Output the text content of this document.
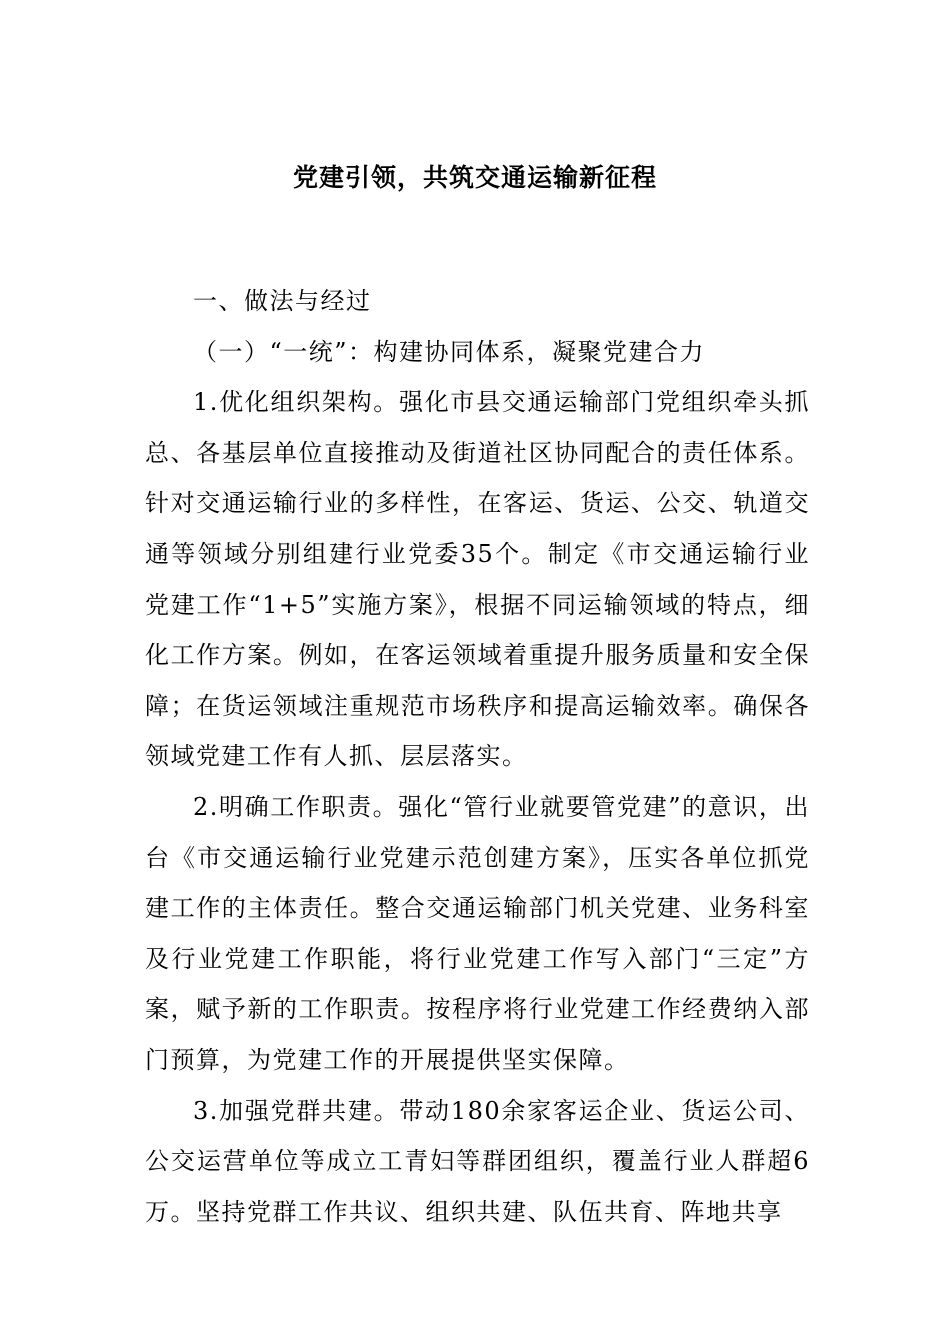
党建引领，共筑交通运输新征程

一、做法与经过

（一）“一统”：构建协同体系，凝聚党建合力

1.优化组织架构。强化市县交通运输部门党组织牵头抓总、各基层单位直接推动及街道社区协同配合的责任体系。针对交通运输行业的多样性，在客运、货运、公交、轨道交通等领域分别组建行业党委35个。制定《市交通运输行业党建工作“1+5”实施方案》，根据不同运输领域的特点，细化工作方案。例如，在客运领域着重提升服务质量和安全保障；在货运领域注重规范市场秩序和提高运输效率。确保各领域党建工作有人抓、层层落实。

2.明确工作职责。强化“管行业就要管党建”的意识，出台《市交通运输行业党建示范创建方案》，压实各单位抓党建工作的主体责任。整合交通运输部门机关党建、业务科室及行业党建工作职能，将行业党建工作写入部门“三定”方案，赋予新的工作职责。按程序将行业党建工作经费纳入部门预算，为党建工作的开展提供坚实保障。

3.加强党群共建。带动180余家客运企业、货运公司、公交运营单位等成立工青妇等群团组织，覆盖行业人群超6万。坚持党群工作共议、组织共建、队伍共育、阵地共享
